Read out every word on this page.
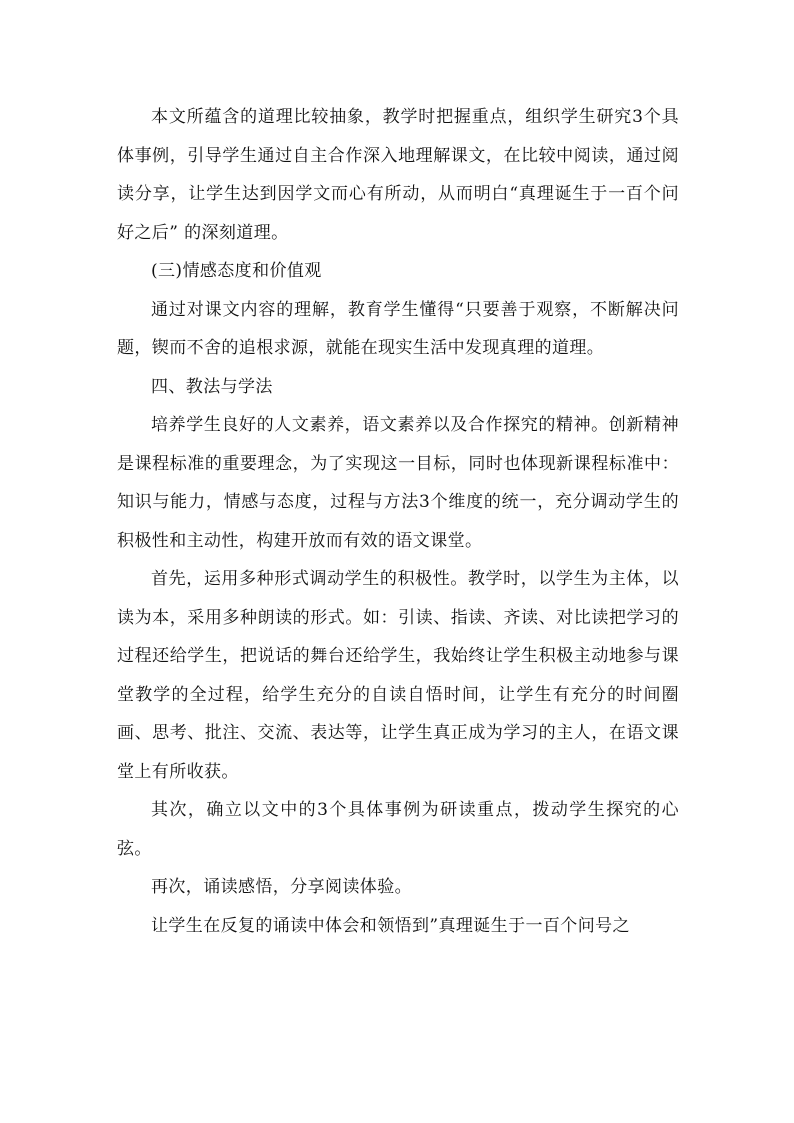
本文所蕴含的道理比较抽象，教学时把握重点，组织学生研究3个具体事例，引导学生通过自主合作深入地理解课文，在比较中阅读，通过阅读分享，让学生达到因学文而心有所动，从而明白“真理诞生于一百个问好之后” 的深刻道理。

(三)情感态度和价值观

通过对课文内容的理解，教育学生懂得“只要善于观察，不断解决问题，锲而不舍的追根求源，就能在现实生活中发现真理的道理。

四、教法与学法

培养学生良好的人文素养，语文素养以及合作探究的精神。创新精神是课程标准的重要理念，为了实现这一目标，同时也体现新课程标准中：知识与能力，情感与态度，过程与方法3个维度的统一，充分调动学生的积极性和主动性，构建开放而有效的语文课堂。

首先，运用多种形式调动学生的积极性。教学时，以学生为主体，以读为本，采用多种朗读的形式。如：引读、指读、齐读、对比读把学习的过程还给学生，把说话的舞台还给学生，我始终让学生积极主动地参与课堂教学的全过程，给学生充分的自读自悟时间，让学生有充分的时间圈画、思考、批注、交流、表达等，让学生真正成为学习的主人，在语文课堂上有所收获。

其次，确立以文中的3个具体事例为研读重点，拨动学生探究的心弦。

再次，诵读感悟，分享阅读体验。

让学生在反复的诵读中体会和领悟到”真理诞生于一百个问号之
